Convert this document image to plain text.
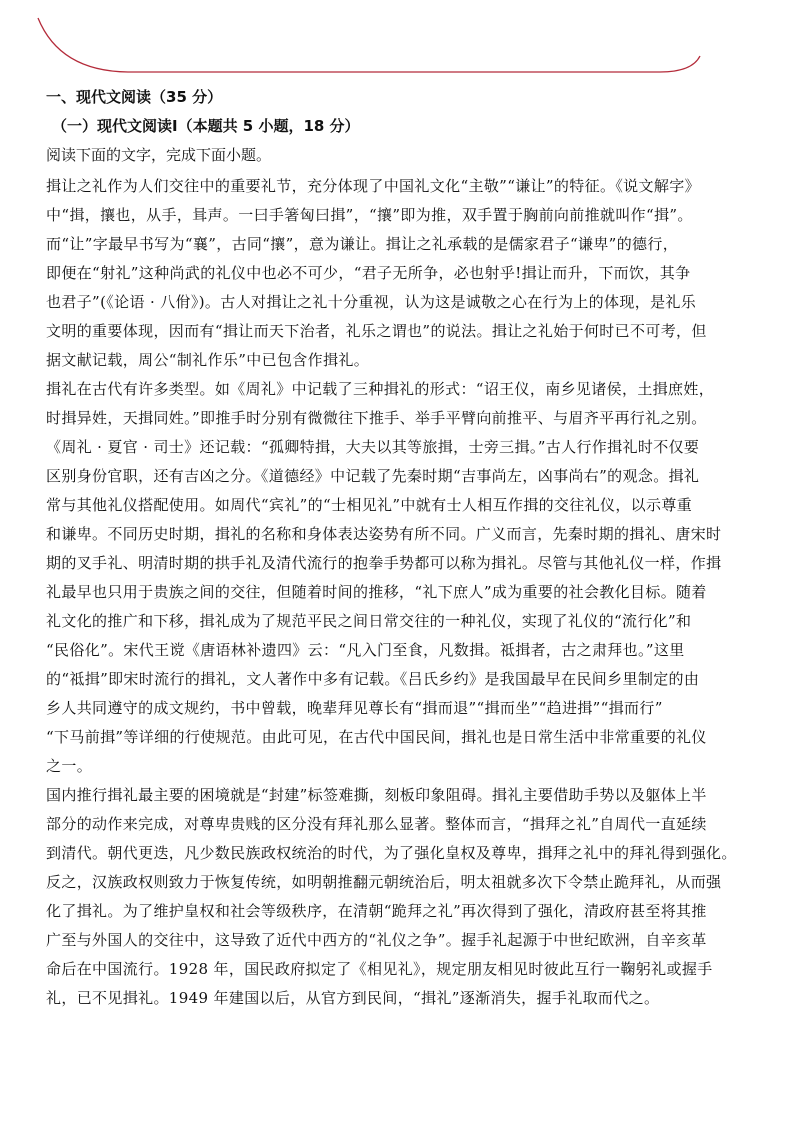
一、现代文阅读（35 分）
（一）现代文阅读Ⅰ（本题共 5 小题，18 分）
阅读下面的文字，完成下面小题。
揖让之礼作为人们交往中的重要礼节，充分体现了中国礼文化“主敬”“谦让”的特征。《说文解字》
中“揖，攘也，从手，咠声。一曰手箸匈曰揖”，“攘”即为推，双手置于胸前向前推就叫作“揖”。
而“让”字最早书写为“襄”，古同“攘”，意为谦让。揖让之礼承载的是儒家君子“谦卑”的德行，
即便在“射礼”这种尚武的礼仪中也必不可少，“君子无所争，必也射乎!揖让而升，下而饮，其争
也君子”(《论语 · 八佾》)。古人对揖让之礼十分重视，认为这是诚敬之心在行为上的体现，是礼乐
文明的重要体现，因而有“揖让而天下治者，礼乐之谓也”的说法。揖让之礼始于何时已不可考，但
据文献记载，周公“制礼作乐”中已包含作揖礼。
揖礼在古代有许多类型。如《周礼》中记载了三种揖礼的形式：“诏王仪，南乡见诸侯，土揖庶姓，
时揖异姓，天揖同姓。”即推手时分别有微微往下推手、举手平臂向前推平、与眉齐平再行礼之别。
《周礼 · 夏官 · 司士》还记载：“孤卿特揖，大夫以其等旅揖，士旁三揖。”古人行作揖礼时不仅要
区别身份官职，还有吉凶之分。《道德经》中记载了先秦时期“吉事尚左，凶事尚右”的观念。揖礼
常与其他礼仪搭配使用。如周代“宾礼”的“士相见礼”中就有士人相互作揖的交往礼仪，以示尊重
和谦卑。不同历史时期，揖礼的名称和身体表达姿势有所不同。广义而言，先秦时期的揖礼、唐宋时
期的叉手礼、明清时期的拱手礼及清代流行的抱拳手势都可以称为揖礼。尽管与其他礼仪一样，作揖
礼最早也只用于贵族之间的交往，但随着时间的推移，“礼下庶人”成为重要的社会教化目标。随着
礼文化的推广和下移，揖礼成为了规范平民之间日常交往的一种礼仪，实现了礼仪的“流行化”和
“民俗化”。宋代王谠《唐语林补遗四》云：“凡入门至食，凡数揖。祗揖者，古之肃拜也。”这里
的“祗揖”即宋时流行的揖礼，文人著作中多有记载。《吕氏乡约》是我国最早在民间乡里制定的由
乡人共同遵守的成文规约，书中曾载，晚辈拜见尊长有“揖而退”“揖而坐”“趋进揖”“揖而行”
“下马前揖”等详细的行使规范。由此可见，在古代中国民间，揖礼也是日常生活中非常重要的礼仪
之一。
国内推行揖礼最主要的困境就是“封建”标签难撕，刻板印象阻碍。揖礼主要借助手势以及躯体上半
部分的动作来完成，对尊卑贵贱的区分没有拜礼那么显著。整体而言，“揖拜之礼”自周代一直延续
到清代。朝代更迭，凡少数民族政权统治的时代，为了强化皇权及尊卑，揖拜之礼中的拜礼得到强化。
反之，汉族政权则致力于恢复传统，如明朝推翻元朝统治后，明太祖就多次下令禁止跪拜礼，从而强
化了揖礼。为了维护皇权和社会等级秩序，在清朝“跪拜之礼”再次得到了强化，清政府甚至将其推
广至与外国人的交往中，这导致了近代中西方的“礼仪之争”。握手礼起源于中世纪欧洲，自辛亥革
命后在中国流行。1928 年，国民政府拟定了《相见礼》，规定朋友相见时彼此互行一鞠躬礼或握手
礼，已不见揖礼。1949 年建国以后，从官方到民间，“揖礼”逐渐消失，握手礼取而代之。
